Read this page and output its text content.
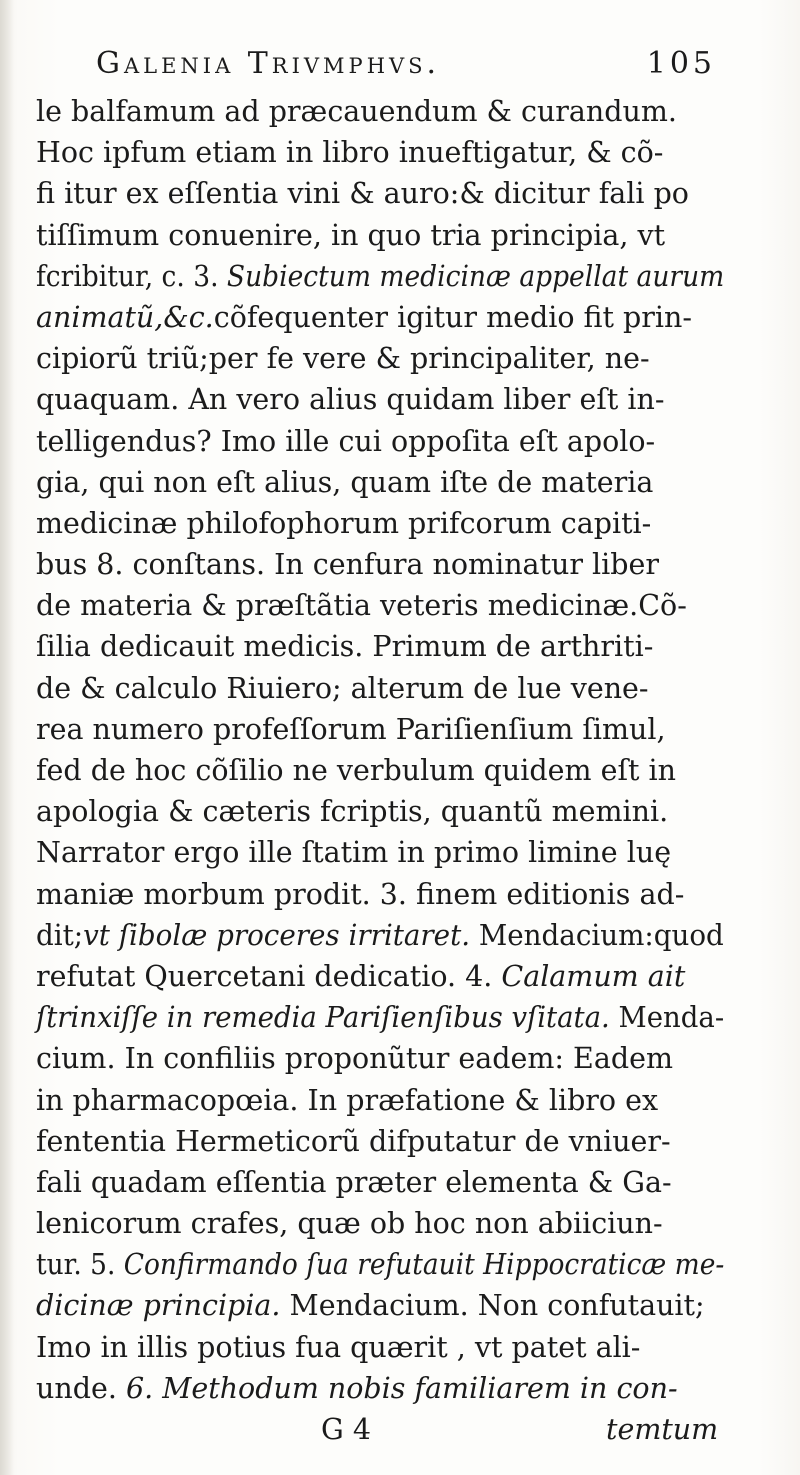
Galenia Trivmphvs.	105
le balfamum ad præcauendum & curandum.
Hoc ipfum etiam in libro inueftigatur, & cõ-
fi itur ex eſſentia vini & auro:& dicitur fali po
tiſſimum conuenire, in quo tria principia, vt
fcribitur, c. 3. Subiectum medicinæ appellat aurum
animatũ,&c.cõfequenter igitur medio fit prin-
cipiorũ triũ;per fe vere & principaliter, ne-
quaquam. An vero alius quidam liber eſt in-
telligendus? Imo ille cui oppoſita eſt apolo-
gia, qui non eſt alius, quam iſte de materia
medicinæ philofophorum prifcorum capiti-
bus 8. conſtans. In cenfura nominatur liber
de materia & præſtãtia veteris medicinæ.Cõ-
ſilia dedicauit medicis. Primum de arthriti-
de & calculo Riuiero; alterum de lue vene-
rea numero profeſſorum Pariſienſium ſimul,
fed de hoc cõſilio ne verbulum quidem eſt in
apologia & cæteris fcriptis, quantũ memini.
Narrator ergo ille ſtatim in primo limine luę
maniæ morbum prodit. 3. finem editionis ad-
dit;vt ſibolæ proceres irritaret. Mendacium:quod
refutat Quercetani dedicatio. 4. Calamum ait
ſtrinxiſſe in remedia Pariſienſibus vſitata. Menda-
cium. In confiliis proponũtur eadem: Eadem
in pharmacopœia. In præfatione & libro ex
fententia Hermeticorũ difputatur de vniuer-
fali quadam eſſentia præter elementa & Ga-
lenicorum crafes, quæ ob hoc non abiiciun-
tur. 5. Confirmando ſua refutauit Hippocraticæ me-
dicinæ principia. Mendacium. Non confutauit;
Imo in illis potius fua quærit , vt patet ali-
unde. 6. Methodum nobis familiarem in con-
G 4	temtum
